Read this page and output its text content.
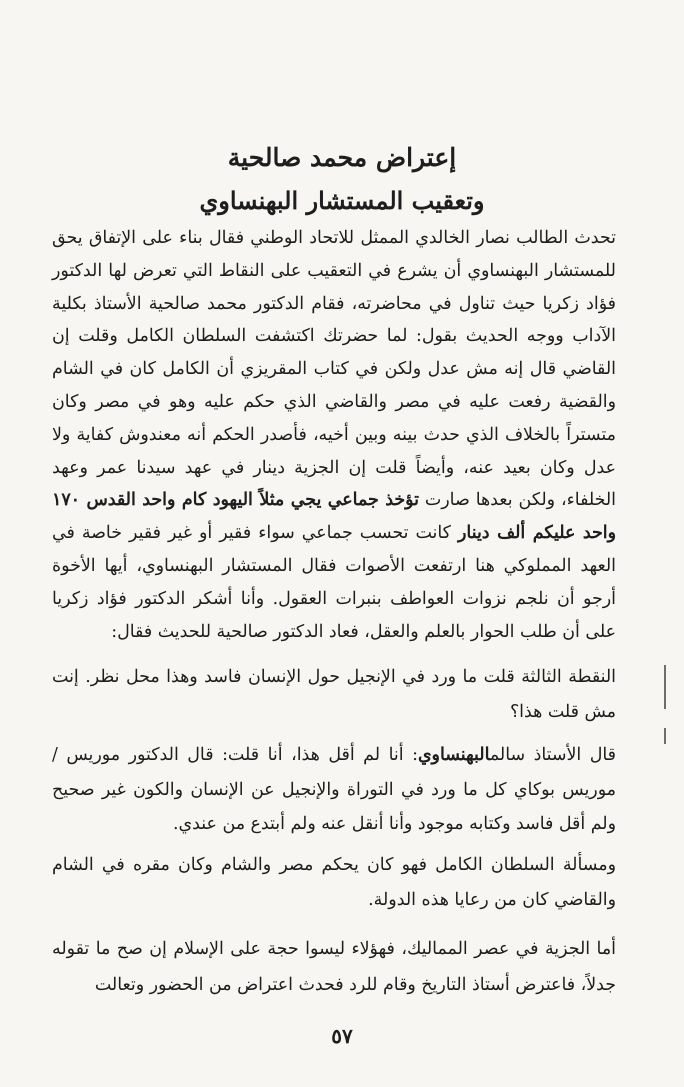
إعتراض محمد صالحية
وتعقيب المستشار البهنساوي

تحدث الطالب نصار الخالدي الممثل للاتحاد الوطني فقال بناء على الإتفاق يحق للمستشار البهنساوي أن يشرع في التعقيب على النقاط التي تعرض لها الدكتور فؤاد زكريا حيث تناول في محاضرته، فقام الدكتور محمد صالحية الأستاذ بكلية الآداب ووجه الحديث بقول: لما حضرتك اكتشفت السلطان الكامل وقلت إن القاضي قال إنه مش عدل ولكن في كتاب المقريزي أن الكامل كان في الشام والقضية رفعت عليه في مصر والقاضي الذي حكم عليه وهو في مصر وكان متستراً بالخلاف الذي حدث بينه وبين أخيه، فأصدر الحكم أنه معندوش كفاية ولا عدل وكان بعيد عنه، وأيضاً قلت إن الجزية دينار في عهد سيدنا عمر وعهد الخلفاء، ولكن بعدها صارت تؤخذ جماعي يجي مثلاً اليهود كام واحد القدس ١٧٠ واحد عليكم ألف دينار كانت تحسب جماعي سواء فقير أو غير فقير خاصة في العهد المملوكي هنا ارتفعت الأصوات فقال المستشار البهنساوي، أيها الأخوة أرجو أن نلجم نزوات العواطف بنبرات العقول. وأنا أشكر الدكتور فؤاد زكريا على أن طلب الحوار بالعلم والعقل، فعاد الدكتور صالحية للحديث فقال:

النقطة الثالثة قلت ما ورد في الإنجيل حول الإنسان فاسد وهذا محل نظر. إنت مش قلت هذا؟

قال الأستاذ سالمالبهنساوي: أنا لم أقل هذا، أنا قلت: قال الدكتور موريس / موريس بوكاي كل ما ورد في التوراة والإنجيل عن الإنسان والكون غير صحيح ولم أقل فاسد وكتابه موجود وأنا أنقل عنه ولم أبتدع من عندي.

ومسألة السلطان الكامل فهو كان يحكم مصر والشام وكان مقره في الشام والقاضي كان من رعايا هذه الدولة.

أما الجزية في عصر المماليك، فهؤلاء ليسوا حجة على الإسلام إن صح ما تقوله جدلاً، فاعترض أستاذ التاريخ وقام للرد فحدث اعتراض من الحضور وتعالت

٥٧
